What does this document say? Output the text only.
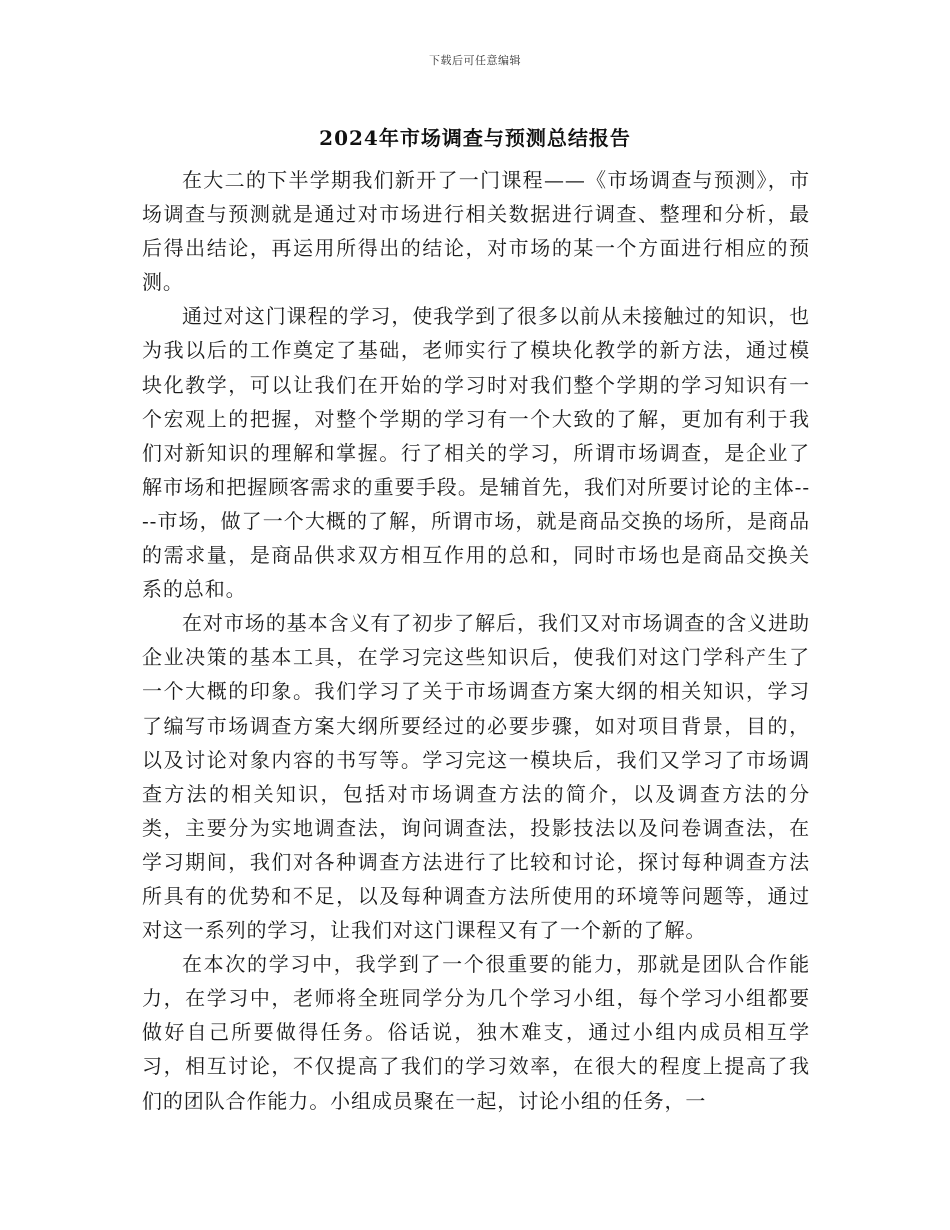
下载后可任意编辑
2024年市场调查与预测总结报告

在大二的下半学期我们新开了一门课程——《市场调查与预测》，市场调查与预测就是通过对市场进行相关数据进行调查、整理和分析，最后得出结论，再运用所得出的结论，对市场的某一个方面进行相应的预测。

通过对这门课程的学习，使我学到了很多以前从未接触过的知识，也为我以后的工作奠定了基础，老师实行了模块化教学的新方法，通过模块化教学，可以让我们在开始的学习时对我们整个学期的学习知识有一个宏观上的把握，对整个学期的学习有一个大致的了解，更加有利于我们对新知识的理解和掌握。行了相关的学习，所谓市场调查，是企业了解市场和把握顾客需求的重要手段。是辅首先，我们对所要讨论的主体----市场，做了一个大概的了解，所谓市场，就是商品交换的场所，是商品的需求量，是商品供求双方相互作用的总和，同时市场也是商品交换关系的总和。

在对市场的基本含义有了初步了解后，我们又对市场调查的含义进助企业决策的基本工具，在学习完这些知识后，使我们对这门学科产生了一个大概的印象。我们学习了关于市场调查方案大纲的相关知识，学习了编写市场调查方案大纲所要经过的必要步骤，如对项目背景，目的，以及讨论对象内容的书写等。学习完这一模块后，我们又学习了市场调查方法的相关知识，包括对市场调查方法的简介，以及调查方法的分类，主要分为实地调查法，询问调查法，投影技法以及问卷调查法，在学习期间，我们对各种调查方法进行了比较和讨论，探讨每种调查方法所具有的优势和不足，以及每种调查方法所使用的环境等问题等，通过对这一系列的学习，让我们对这门课程又有了一个新的了解。

在本次的学习中，我学到了一个很重要的能力，那就是团队合作能力，在学习中，老师将全班同学分为几个学习小组，每个学习小组都要做好自己所要做得任务。俗话说，独木难支，通过小组内成员相互学习，相互讨论，不仅提高了我们的学习效率，在很大的程度上提高了我们的团队合作能力。小组成员聚在一起，讨论小组的任务，一
